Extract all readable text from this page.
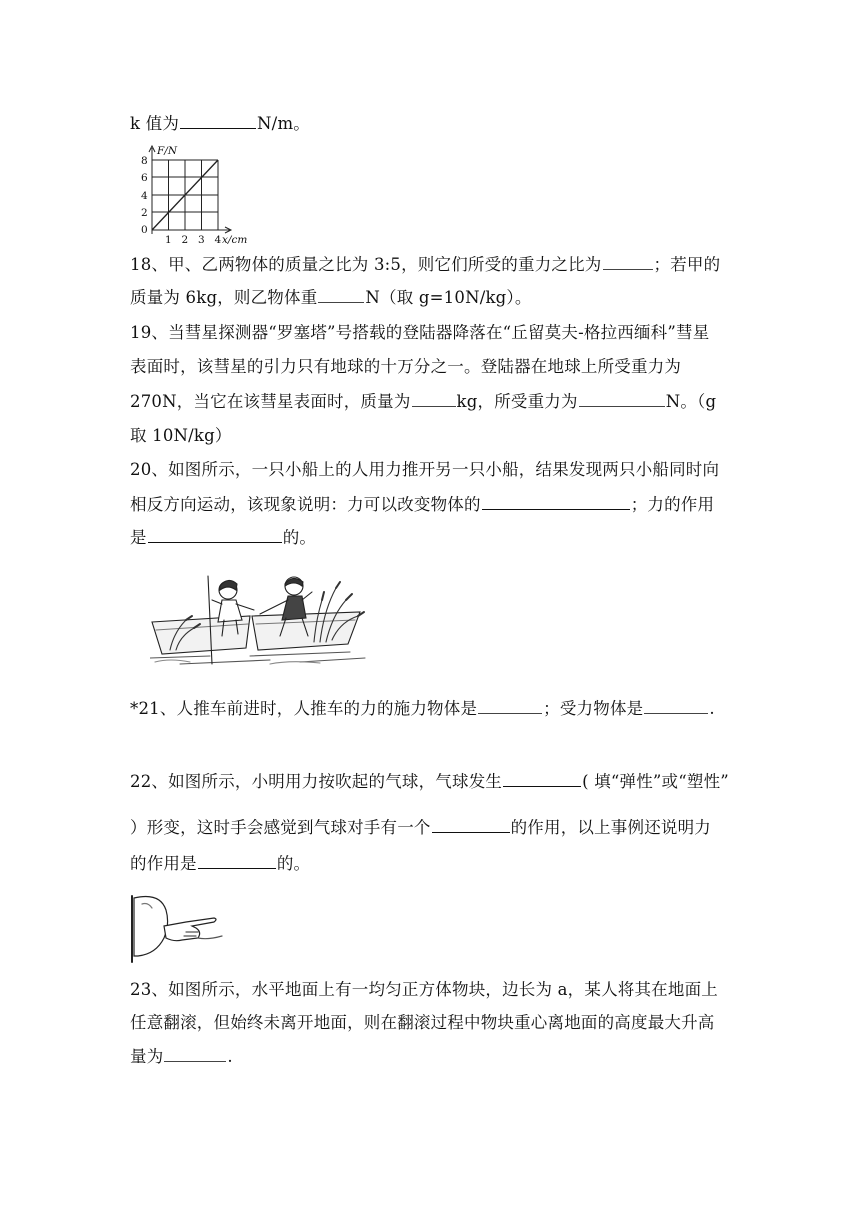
k 值为	N/m。
F/N
8
6
4
2
0
1 2 3 4 x/cm
18、甲、乙两物体的质量之比为 3:5，则它们所受的重力之比为	；若甲的
质量为 6kg，则乙物体重	N（取 g=10N/kg）。
19、当彗星探测器“罗塞塔”号搭载的登陆器降落在“丘留莫夫-格拉西缅科”彗星
表面时，该彗星的引力只有地球的十万分之一。登陆器在地球上所受重力为
270N，当它在该彗星表面时，质量为	kg，所受重力为	N。（g
取 10N/kg）
20、如图所示，一只小船上的人用力推开另一只小船，结果发现两只小船同时向
相反方向运动，该现象说明：力可以改变物体的	；力的作用
是	的。
*21、人推车前进时，人推车的力的施力物体是	；受力物体是	.
22、如图所示，小明用力按吹起的气球，气球发生	( 填“弹性”或“塑性”
）形变，这时手会感觉到气球对手有一个	的作用，以上事例还说明力
的作用是	的。
23、如图所示，水平地面上有一均匀正方体物块，边长为 a，某人将其在地面上
任意翻滚，但始终未离开地面，则在翻滚过程中物块重心离地面的高度最大升高
量为	.
